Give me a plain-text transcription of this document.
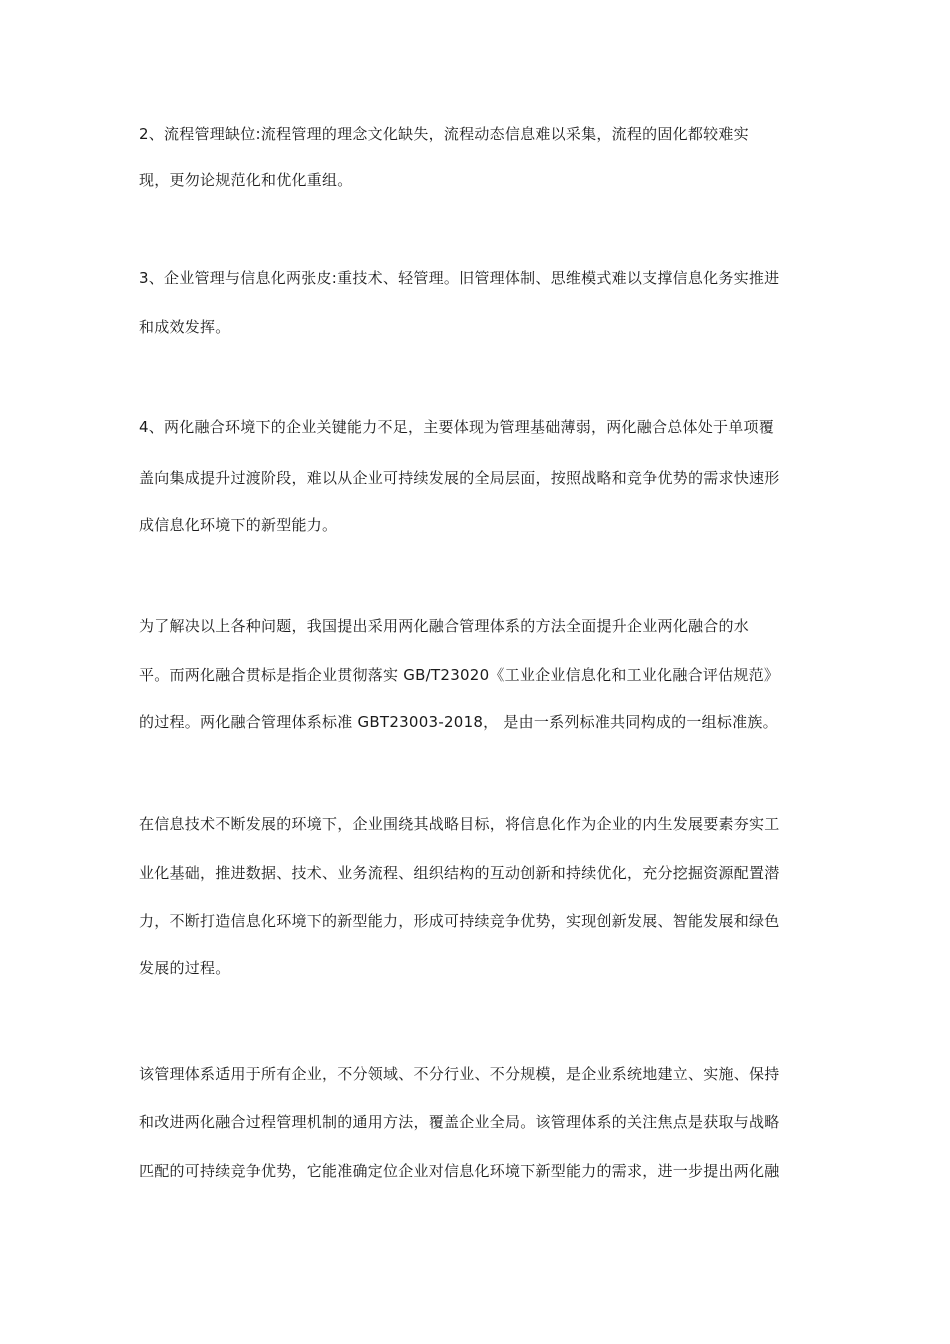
2、流程管理缺位:流程管理的理念文化缺失，流程动态信息难以采集，流程的固化都较难实
现，更勿论规范化和优化重组。
3、企业管理与信息化两张皮:重技术、轻管理。旧管理体制、思维模式难以支撑信息化务实推进
和成效发挥。
4、两化融合环境下的企业关键能力不足，主要体现为管理基础薄弱，两化融合总体处于单项覆
盖向集成提升过渡阶段，难以从企业可持续发展的全局层面，按照战略和竞争优势的需求快速形
成信息化环境下的新型能力。
为了解决以上各种问题，我国提出采用两化融合管理体系的方法全面提升企业两化融合的水
平。而两化融合贯标是指企业贯彻落实 GB/T23020《工业企业信息化和工业化融合评估规范》
的过程。两化融合管理体系标准 GBT23003-2018， 是由一系列标准共同构成的一组标准族。
在信息技术不断发展的环境下，企业围绕其战略目标，将信息化作为企业的内生发展要素夯实工
业化基础，推进数据、技术、业务流程、组织结构的互动创新和持续优化，充分挖掘资源配置潜
力，不断打造信息化环境下的新型能力，形成可持续竞争优势，实现创新发展、智能发展和绿色
发展的过程。
该管理体系适用于所有企业，不分领域、不分行业、不分规模，是企业系统地建立、实施、保持
和改进两化融合过程管理机制的通用方法，覆盖企业全局。该管理体系的关注焦点是获取与战略
匹配的可持续竞争优势，它能准确定位企业对信息化环境下新型能力的需求，进一步提出两化融
